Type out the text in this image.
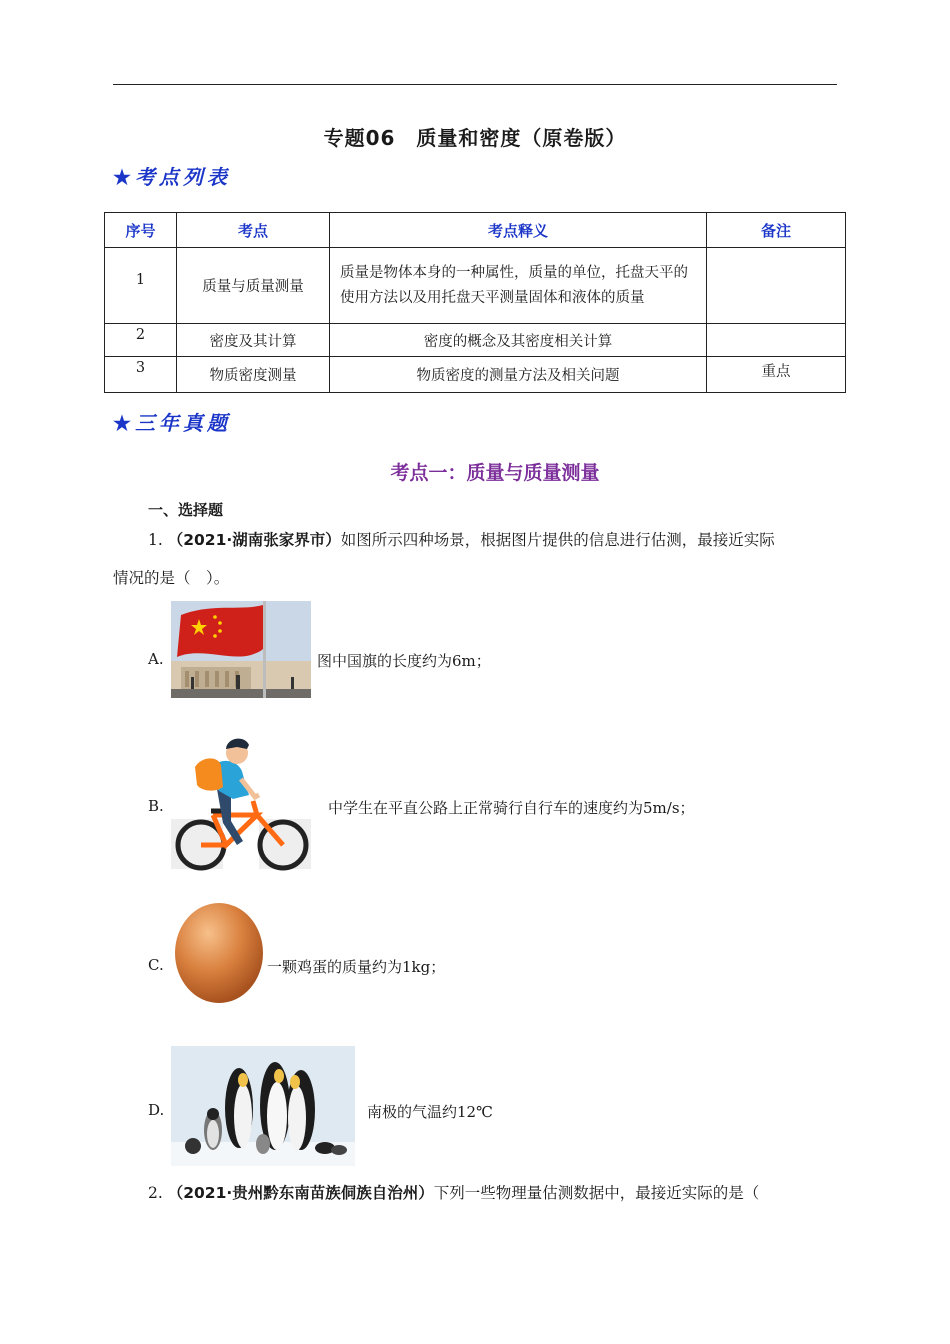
专题06　质量和密度（原卷版）
★考点列表
序号	考点	考点释义	备注
1	质量与质量测量	质量是物体本身的一种属性，质量的单位，托盘天平的使用方法以及用托盘天平测量固体和液体的质量	
2	密度及其计算	密度的概念及其密度相关计算	
3	物质密度测量	物质密度的测量方法及相关问题	重点
★三年真题
考点一：质量与质量测量
一、选择题
1. （2021·湖南张家界市）如图所示四种场景，根据图片提供的信息进行估测，最接近实际
情况的是（　）。
A.	图中国旗的长度约为6m；
B.	中学生在平直公路上正常骑行自行车的速度约为5m/s；
C.	一颗鸡蛋的质量约为1kg；
D.	南极的气温约12℃
2. （2021·贵州黔东南苗族侗族自治州）下列一些物理量估测数据中，最接近实际的是（
